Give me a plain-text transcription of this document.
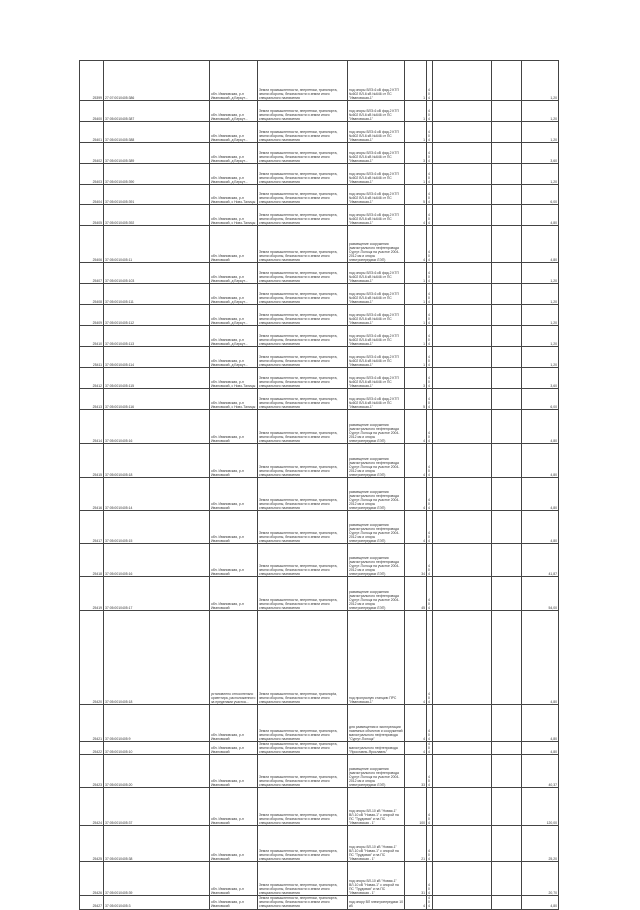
25399	27:07:0010405:386	обл. Ивановская, р-н Ивановский, д Беркут...	Земли промышленности, энергетики, транспорта, земли обороны, безопасности и земли иного специального назначения	под опоры ВЛЭ-6 кВ фид.2 КТП №602 ВЛ-6 кВ №646 от ПС "Ивановская-1"	1	404			1,20
25400	37:05:0010405:387	обл. Ивановская, р-н Ивановский, д Беркут...	Земли промышленности, энергетики, транспорта, земли обороны, безопасности и земли иного специального назначения	под опоры ВЛЭ-6 кВ фид.2 КТП №602 ВЛ-6 кВ №646 от ПС "Ивановская-1"	1	404			1,20
25401	37:05:0010405:388	обл. Ивановская, р-н Ивановский, д Беркут...	Земли промышленности, энергетики, транспорта, земли обороны, безопасности и земли иного специального назначения	под опоры ВЛЭ-6 кВ фид.2 КТП №602 ВЛ-6 кВ №646 от ПС "Ивановская-1"	1	404			1,20
25402	37:05:0010405:389	обл. Ивановская, р-н Ивановский, д Беркут...	Земли промышленности, энергетики, транспорта, земли обороны, безопасности и земли иного специального назначения	под опоры ВЛЭ-6 кВ фид.2 КТП №602 ВЛ-6 кВ №646 от ПС "Ивановская-1"	3	404			3,60
25403	37:05:0010405:390	обл. Ивановская, р-н Ивановский, д Беркут...	Земли промышленности, энергетики, транспорта, земли обороны, безопасности и земли иного специального назначения	под опоры ВЛЭ-6 кВ фид.2 КТП №602 ВЛ-6 кВ №646 от ПС "Ивановская-1"	1	404			1,20
25404	37:05:0010405:391	обл. Ивановская, р-н Ивановский, с Ново-Талицы	Земли промышленности, энергетики, транспорта, земли обороны, безопасности и земли иного специального назначения	под опоры ВЛЭ-6 кВ фид.2 КТП №602 ВЛ-6 кВ №646 от ПС "Ивановская-1"	5	404			6,00
25405	37:05:0010405:392	обл. Ивановская, р-н Ивановский, с Ново-Талицы	Земли промышленности, энергетики, транспорта, земли обороны, безопасности и земли иного специального назначения	под опоры ВЛЭ-6 кВ фид.2 КТП №602 ВЛ-6 кВ №646 от ПС "Ивановская-1"	4	404			4,80
25406	37:05:0010405:11	обл. Ивановская, р-н Ивановский	Земли промышленности, энергетики, транспорта, земли обороны, безопасности и земли иного специального назначения	размещение сооружения (магистрального нефтепровода Сургут-Полоцк на участке 2004-2012 км и опоры электропередачи ЛЭП)	4	404			4,80
25407	37:05:0010405:103	обл. Ивановская, р-н Ивановский, д Беркут...	Земли промышленности, энергетики, транспорта, земли обороны, безопасности и земли иного специального назначения	под опоры ВЛЭ-6 кВ фид.2 КТП №602 ВЛ-6 кВ №646 от ПС "Ивановская-1"	1	404			1,20
25408	37:05:0010405:111	обл. Ивановская, р-н Ивановский, д Беркут...	Земли промышленности, энергетики, транспорта, земли обороны, безопасности и земли иного специального назначения	под опоры ВЛЭ-6 кВ фид.2 КТП №602 ВЛ-6 кВ №646 от ПС "Ивановская-1"	1	404			1,20
25409	37:05:0010405:112	обл. Ивановская, р-н Ивановский, д Беркут...	Земли промышленности, энергетики, транспорта, земли обороны, безопасности и земли иного специального назначения	под опоры ВЛЭ-6 кВ фид.2 КТП №602 ВЛ-6 кВ №646 от ПС "Ивановская-1"	1	404			1,20
25410	37:05:0010405:113	обл. Ивановская, р-н Ивановский, д Беркут...	Земли промышленности, энергетики, транспорта, земли обороны, безопасности и земли иного специального назначения	под опоры ВЛЭ-6 кВ фид.2 КТП №602 ВЛ-6 кВ №646 от ПС "Ивановская-1"	1	404			1,20
25411	37:05:0010405:114	обл. Ивановская, р-н Ивановский, д Беркут...	Земли промышленности, энергетики, транспорта, земли обороны, безопасности и земли иного специального назначения	под опоры ВЛЭ-6 кВ фид.2 КТП №602 ВЛ-6 кВ №646 от ПС "Ивановская-1"	1	404			1,20
25412	37:05:0010405:115	обл. Ивановская, р-н Ивановский, с Ново-Талицы	Земли промышленности, энергетики, транспорта, земли обороны, безопасности и земли иного специального назначения	под опоры ВЛЭ-6 кВ фид.2 КТП №602 ВЛ-6 кВ №646 от ПС "Ивановская-1"	3	404			3,60
25413	37:05:0010405:116	обл. Ивановская, р-н Ивановский, с Ново-Талицы	Земли промышленности, энергетики, транспорта, земли обороны, безопасности и земли иного специального назначения	под опоры ВЛЭ-6 кВ фид.2 КТП №602 ВЛ-6 кВ №646 от ПС "Ивановская-1"	5	404			6,00
25414	37:05:0010405:16	обл. Ивановская, р-н Ивановский	Земли промышленности, энергетики, транспорта, земли обороны, безопасности и земли иного специального назначения	размещение сооружения (магистрального нефтепровода Сургут-Полоцк на участке 2004-2012 км и опоры электропередачи ЛЭП)	4	404			4,80
25415	37:05:0010405:18	обл. Ивановская, р-н Ивановский	Земли промышленности, энергетики, транспорта, земли обороны, безопасности и земли иного специального назначения	размещение сооружения (магистрального нефтепровода Сургут-Полоцк на участке 2004-2012 км и опоры электропередачи ЛЭП)	4	404			4,80
25416	37:05:0010405:14	обл. Ивановская, р-н Ивановский	Земли промышленности, энергетики, транспорта, земли обороны, безопасности и земли иного специального назначения	размещение сооружения (магистрального нефтепровода Сургут-Полоцк на участке 2004-2012 км и опоры электропередачи ЛЭП)	4	404			4,80
25417	37:05:0010405:15	обл. Ивановская, р-н Ивановский	Земли промышленности, энергетики, транспорта, земли обороны, безопасности и земли иного специального назначения	размещение сооружения (магистрального нефтепровода Сургут-Полоцк на участке 2004-2012 км и опоры электропередачи ЛЭП)	4	404			4,80
25418	37:05:0010405:16	обл. Ивановская, р-н Ивановский	Земли промышленности, энергетики, транспорта, земли обороны, безопасности и земли иного специального назначения	размещение сооружения (магистрального нефтепровода Сургут-Полоцк на участке 2004-2012 км и опоры электропередачи ЛЭП)	34	404			41,87
25419	37:05:0010405:17	обл. Ивановская, р-н Ивановский	Земли промышленности, энергетики, транспорта, земли обороны, безопасности и земли иного специального назначения	размещение сооружения (магистрального нефтепровода Сургут-Полоцк на участке 2004-2012 км и опоры электропередачи ЛЭП)	45	404			54,00
25420	37:05:0010405:18	установлено относительно ориентира, расположенного за пределами участка...	Земли промышленности, энергетики, транспорta, земли обороны, безопасности и земли иного специального назначения	под пропускную станцию ПРС "Ивановская-1"	4	404			4,80
25421	37:05:0010405:9	обл. Ивановская, р-н Ивановский	Земли промышленности, энергетики, транспорта, земли обороны, безопасности и земли иного специального назначения	для размещения и эксплуатации наземных объектов и сооружений магистрального нефтепровода "Сургут-Полоцк"	4	404			4,80
25422	37:05:0010405:10	обл. Ивановская, р-н Ивановский	Земли промышленности, энергетики, транспорта, земли обороны, безопасности и земли иного специального назначения	магистрального нефтепровода "Ярославль-Ярославль"	4	404			4,80
25423	37:05:0010405:20	обл. Ивановская, р-н Ивановский	Земли промышленности, энергетики, транспорта, земли обороны, безопасности и земли иного специального назначения	размещение сооружения (магистрального нефтепровода Сургут-Полоцк на участке 2004-2012 км и опоры электропередачи ЛЭП)	33	404			40,37
25424	37:05:0010405:37	обл. Ивановская, р-н Ивановский	Земли промышленности, энергетики, транспорта, земли обороны, безопасности и земли иного специального назначения	под опоры ВЛ-10 кВ "Новая-1" ВЛ-10 кВ "Новая-1" с опорой на ПС "Трудовая" и на ПС "Ивановская - 1"	100	404			120,00
25425	37:05:0010405:38	обл. Ивановская, р-н Ивановский	Земли промышленности, энергетики, транспорта, земли обороны, безопасности и земли иного специального назначения	под опоры ВЛ-10 кВ "Новая-1" ВЛ-10 кВ "Новая-1" с опорой на ПС "Трудовая" и на ПС "Ивановская - 1"	21	404			25,20
25426	37:05:0010405:39	обл. Ивановская, р-н Ивановский	Земли промышленности, энергетики, транспорта, земли обороны, безопасности и земли иного специального назначения	под опоры ВЛ-10 кВ "Новая-1" ВЛ-10 кВ "Новая-1" с опорой на ПС "Трудовая" и на ПС "Ивановская - 1"	31	404			20,70
25427	37:05:0010405:3	обл. Ивановская, р-н Ивановский	Земли промышленности, энергетики, транспорта, земли обороны, безопасности и земли иного специального назначения	под опору ВЛ электропередачи 10 кВ	4	404			4,80
